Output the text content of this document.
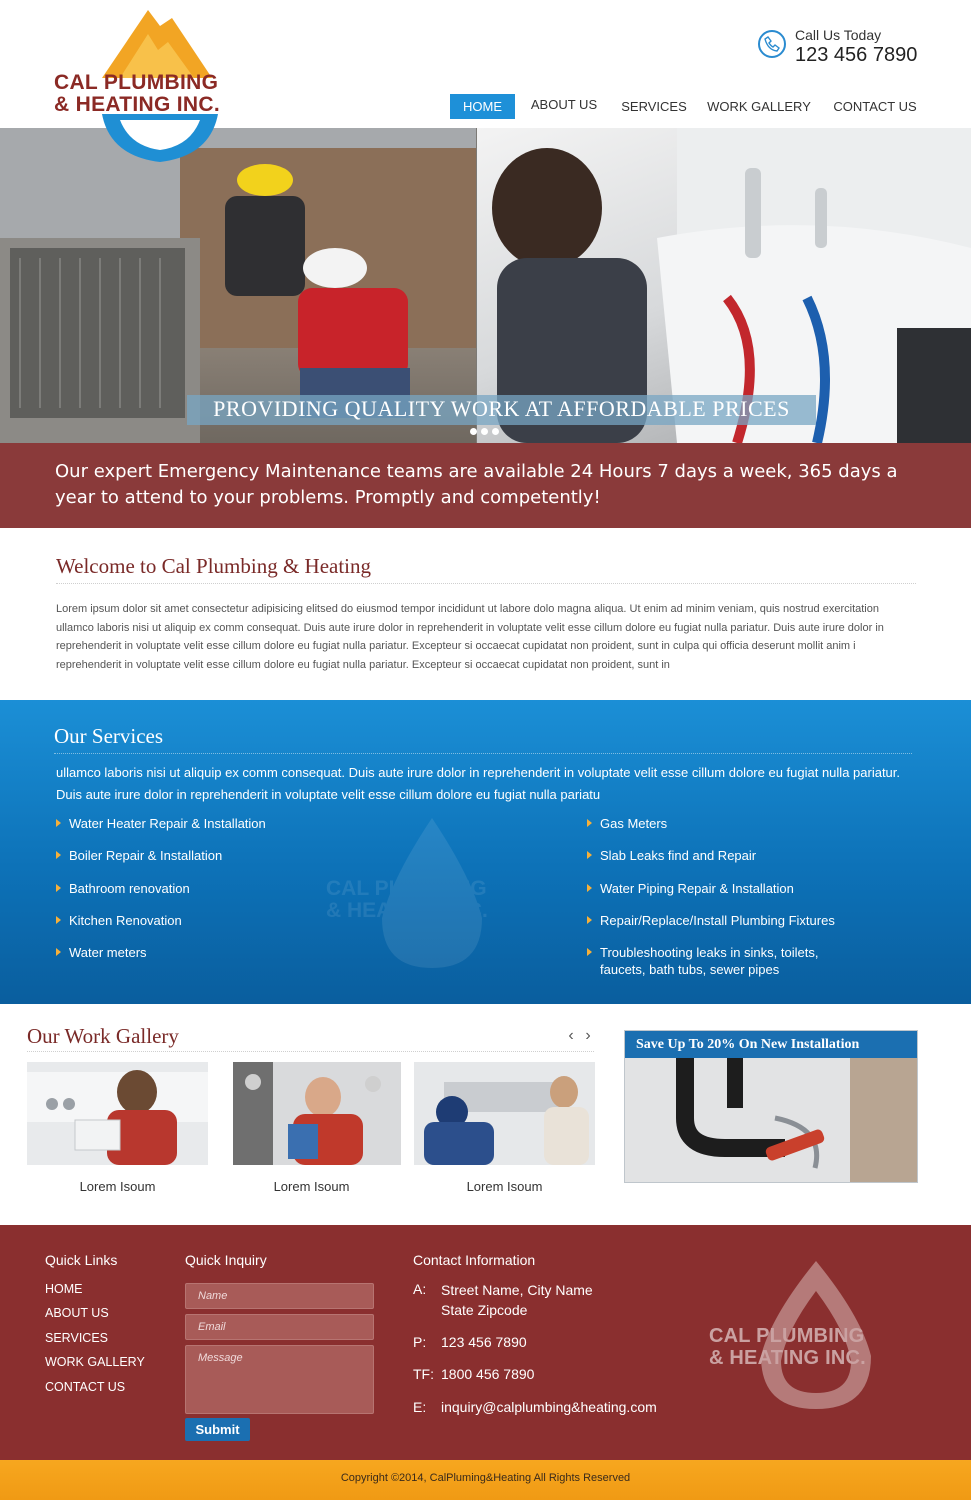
CAL PLUMBING
& HEATING INC.
Call Us Today
123 456 7890
HOME	ABOUT US	SERVICES	WORK GALLERY CONTACT US
PROVIDING QUALITY WORK AT AFFORDABLE PRICES
Our expert Emergency Maintenance teams are available 24 Hours 7 days a week, 365 days a year to attend to your problems. Promptly and competently!
Welcome to Cal Plumbing & Heating
Lorem ipsum dolor sit amet consectetur adipisicing elitsed do eiusmod tempor incididunt ut labore dolo magna aliqua. Ut enim ad minim veniam, quis nostrud exercitation ullamco laboris nisi ut aliquip ex comm consequat. Duis aute irure dolor in reprehenderit in voluptate velit esse cillum dolore eu fugiat nulla pariatur. Duis aute irure dolor in reprehenderit in voluptate velit esse cillum dolore eu fugiat nulla pariatur. Excepteur si occaecat cupidatat non proident, sunt in culpa qui officia deserunt mollit anim i reprehenderit in voluptate velit esse cillum dolore eu fugiat nulla pariatur. Excepteur si occaecat cupidatat non proident, sunt in
CAL PLUMBING
& HEATING INC.
Our Services
ullamco laboris nisi ut aliquip ex comm consequat. Duis aute irure dolor in reprehenderit in voluptate velit esse cillum dolore eu fugiat nulla pariatur. Duis aute irure dolor in reprehenderit in voluptate velit esse cillum dolore eu fugiat nulla pariatu
Water Heater Repair & Installation
Boiler Repair & Installation
Bathroom renovation
Kitchen Renovation
Water meters
Gas Meters
Slab Leaks find and Repair
Water Piping Repair & Installation
Repair/Replace/Install Plumbing Fixtures
Troubleshooting leaks in sinks, toilets, faucets, bath tubs, sewer pipes
Our Work Gallery	‹ ›
Lorem Isoum	Lorem Isoum	Lorem Isoum
Save Up To 20% On New Installation
Quick Links
HOME
ABOUT US
SERVICES
WORK GALLERY
CONTACT US
Quick Inquiry
Name
Email
Message
Submit
Contact Information
A: Street Name, City Name
State Zipcode
P: 123 456 7890
TF: 1800 456 7890
E: inquiry@calplumbing&heating.com
CAL PLUMBING
& HEATING INC.
Copyright ©2014, CalPluming&Heating All Rights Reserved
